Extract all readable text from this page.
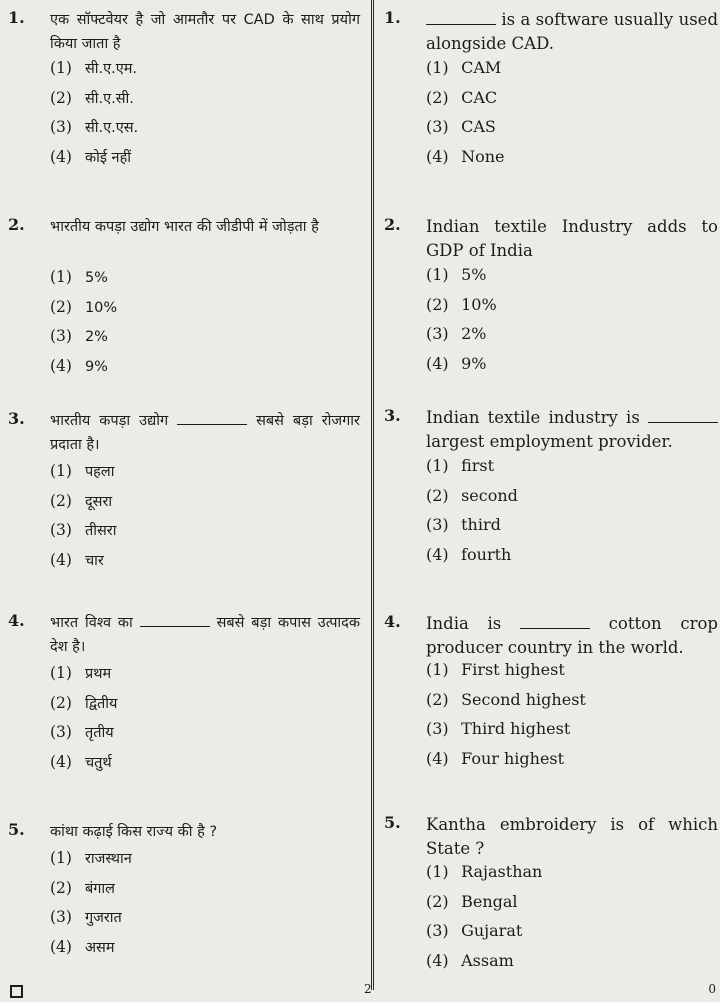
1. एक सॉफ्टवेयर है जो आमतौर पर CAD के साथ प्रयोग किया जाता है
(1) सी.ए.एम.
(2) सी.ए.सी.
(3) सी.ए.एस.
(4) कोई नहीं
2. भारतीय कपड़ा उद्योग भारत की जीडीपी में जोड़ता है
(1) 5%
(2) 10%
(3) 2%
(4) 9%
3. भारतीय कपड़ा उद्योग	सबसे बड़ा रोजगार प्रदाता है।
(1) पहला
(2) दूसरा
(3) तीसरा
(4) चार
4. भारत विश्व का	सबसे बड़ा कपास उत्पादक देश है।
(1) प्रथम
(2) द्वितीय
(3) तृतीय
(4) चतुर्थ
5. कांथा कढ़ाई किस राज्य की है ?
(1) राजस्थान
(2) बंगाल
(3) गुजरात
(4) असम
1.	is a software usually used alongside CAD.
(1) CAM
(2) CAC
(3) CAS
(4) None
2. Indian textile Industry adds to GDP of India
(1) 5%
(2) 10%
(3) 2%
(4) 9%
3. Indian textile industry is  largest employment provider.
(1) first
(2) second
(3) third
(4) fourth
4. India is	cotton crop producer country in the world.
(1) First highest
(2) Second highest
(3) Third highest
(4) Four highest
5. Kantha embroidery is of which State ?
(1) Rajasthan
(2) Bengal
(3) Gujarat
(4) Assam
2	0
